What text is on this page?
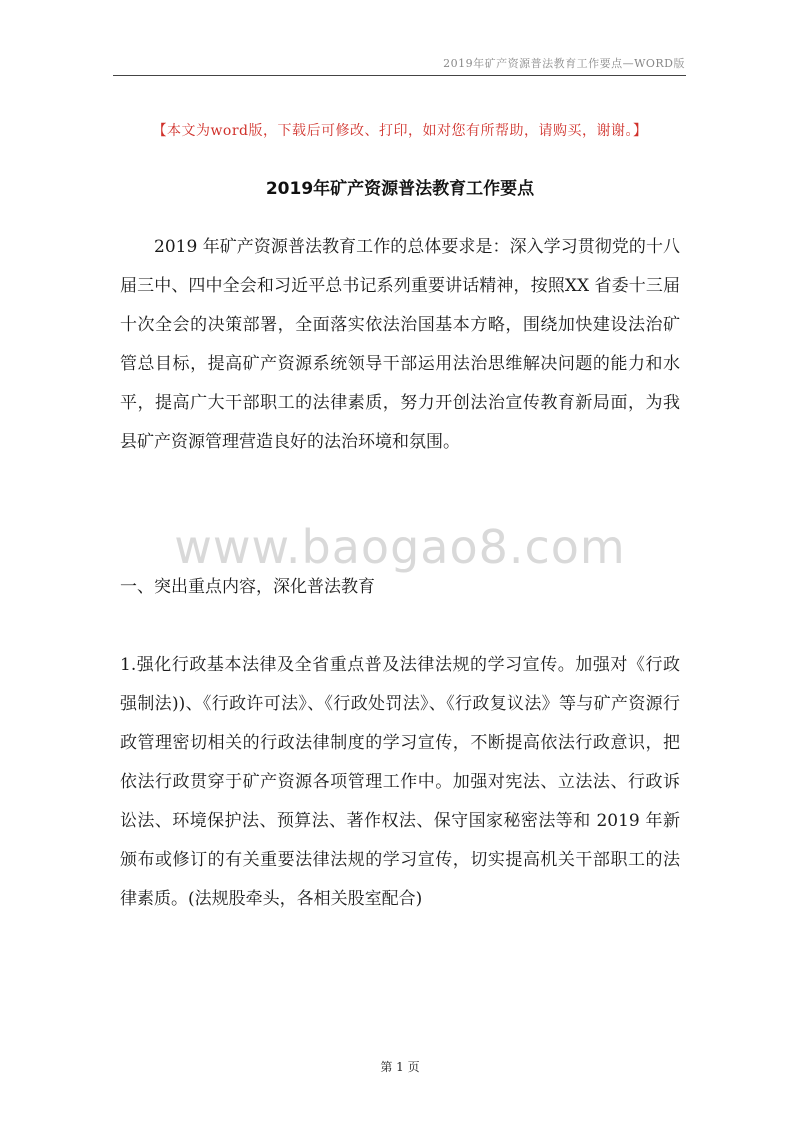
2019年矿产资源普法教育工作要点—WORD版
【本文为word版，下载后可修改、打印，如对您有所帮助，请购买，谢谢。】
2019年矿产资源普法教育工作要点

2019 年矿产资源普法教育工作的总体要求是：深入学习贯彻党的十八届三中、四中全会和习近平总书记系列重要讲话精神，按照XX 省委十三届十次全会的决策部署，全面落实依法治国基本方略，围绕加快建设法治矿管总目标，提高矿产资源系统领导干部运用法治思维解决问题的能力和水平，提高广大干部职工的法律素质，努力开创法治宣传教育新局面，为我县矿产资源管理营造良好的法治环境和氛围。

www.baogao8.com

一、突出重点内容，深化普法教育

1.强化行政基本法律及全省重点普及法律法规的学习宣传。加强对《行政强制法))、《行政许可法》、《行政处罚法》、《行政复议法》等与矿产资源行政管理密切相关的行政法律制度的学习宣传，不断提高依法行政意识，把依法行政贯穿于矿产资源各项管理工作中。加强对宪法、立法法、行政诉讼法、环境保护法、预算法、著作权法、保守国家秘密法等和 2019 年新颁布或修订的有关重要法律法规的学习宣传，切实提高机关干部职工的法律素质。(法规股牵头，各相关股室配合)

第 1 页
